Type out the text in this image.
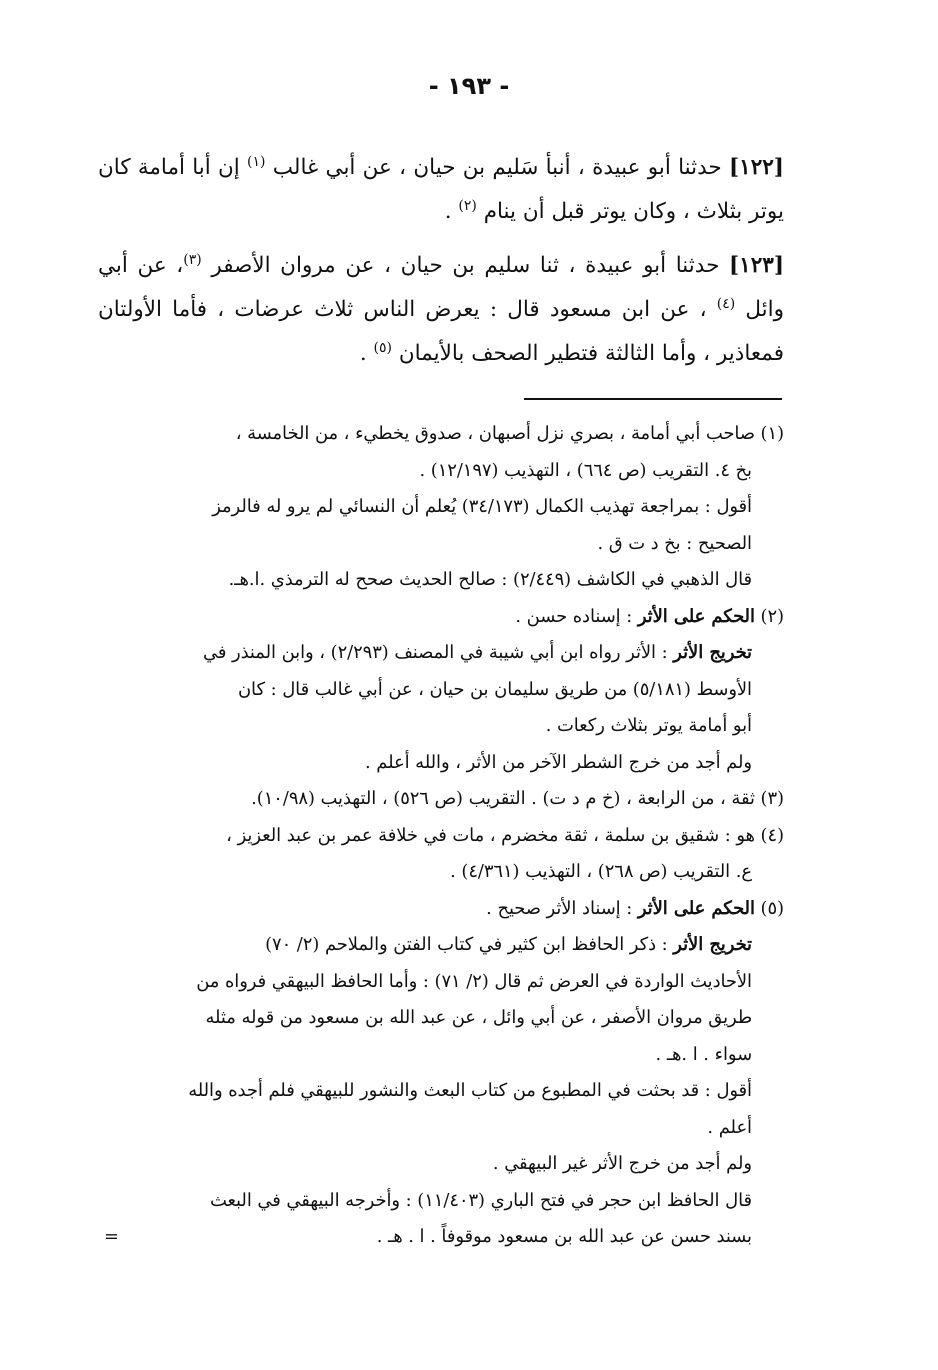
- ١٩٣ -

[١٢٢] حدثنا أبو عبيدة ، أنبأ سَليم بن حيان ، عن أبي غالب $^{(١)}$ إن أبا أمامة كان يوتر بثلاث ، وكان يوتر قبل أن ينام $^{(٢)}$ .

[١٢٣] حدثنا أبو عبيدة ، ثنا سليم بن حيان ، عن مروان الأصفر $^{(٣)}$، عن أبي وائل $^{(٤)}$ ، عن ابن مسعود قال : يعرض الناس ثلاث عرضات ، فأما الأولتان فمعاذير ، وأما الثالثة فتطير الصحف بالأيمان $^{(٥)}$ .

(١) صاحب أبي أمامة ، بصري نزل أصبهان ، صدوق يخطيء ، من الخامسة ،
بخ ٤. التقريب (ص ٦٦٤) ، التهذيب (١٢/١٩٧) .
أقول : بمراجعة تهذيب الكمال (٣٤/١٧٣) يُعلم أن النسائي لم يرو له فالرمز
الصحيح : بخ د ت ق .
قال الذهبي في الكاشف (٢/٤٤٩) : صالح الحديث صحح له الترمذي .ا.هـ.
(٢) الحكم على الأثر : إسناده حسن .
تخريج الأثر : الأثر رواه ابن أبي شيبة في المصنف (٢/٢٩٣) ، وابن المنذر في
الأوسط (٥/١٨١) من طريق سليمان بن حيان ، عن أبي غالب قال : كان
أبو أمامة يوتر بثلاث ركعات .
ولم أجد من خرج الشطر الآخر من الأثر ، والله أعلم .
(٣) ثقة ، من الرابعة ، (خ م د ت) . التقريب (ص ٥٢٦) ، التهذيب (١٠/٩٨).
(٤) هو : شقيق بن سلمة ، ثقة مخضرم ، مات في خلافة عمر بن عبد العزيز ،
ع. التقريب (ص ٢٦٨) ، التهذيب (٤/٣٦١) .
(٥) الحكم على الأثر : إسناد الأثر صحيح .
تخريج الأثر : ذكر الحافظ ابن كثير في كتاب الفتن والملاحم (٢/ ٧٠)
الأحاديث الواردة في العرض ثم قال (٢/ ٧١) : وأما الحافظ البيهقي فرواه من
طريق مروان الأصفر ، عن أبي وائل ، عن عبد الله بن مسعود من قوله مثله
سواء . ا .هـ .
أقول : قد بحثت في المطبوع من كتاب البعث والنشور للبيهقي فلم أجده والله
أعلم .
ولم أجد من خرج الأثر غير البيهقي .
قال الحافظ ابن حجر في فتح الباري (١١/٤٠٣) : وأخرجه البيهقي في البعث
بسند حسن عن عبد الله بن مسعود موقوفاً . ا . هـ .
=
